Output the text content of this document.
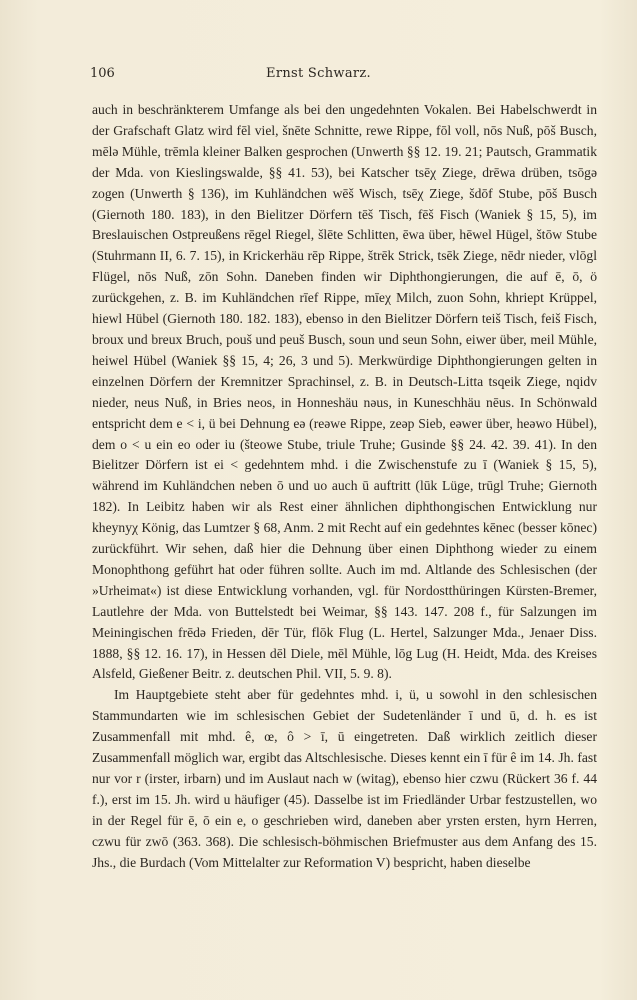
106	Ernst Schwarz.

auch in beschränkterem Umfange als bei den ungedehnten Vokalen. Bei Habelschwerdt in der Grafschaft Glatz wird fēl viel, šnēte Schnitte, rewe Rippe, fōl voll, nōs Nuß, pōš Busch, mēlə Mühle, trēmla kleiner Balken gesprochen (Unwerth §§ 12. 19. 21; Pautsch, Grammatik der Mda. von Kieslingswalde, §§ 41. 53), bei Katscher tsēχ Ziege, drēwa drüben, tsōgə zogen (Unwerth § 136), im Kuhländchen wēš Wisch, tsēχ Ziege, šdōf Stube, pōš Busch (Giernoth 180. 183), in den Bielitzer Dörfern tēš Tisch, fēš Fisch (Waniek § 15, 5), im Breslauischen Ostpreußens rēgel Riegel, šlēte Schlitten, ēwa über, hēwel Hügel, štōw Stube (Stuhrmann II, 6. 7. 15), in Krickerhäu rēp Rippe, štrēk Strick, tsēk Ziege, nēdr nieder, vlōgl Flügel, nōs Nuß, zōn Sohn. Daneben finden wir Diphthongierungen, die auf ē, ō, ö zurückgehen, z. B. im Kuhländchen rīef Rippe, mīeχ Milch, zuon Sohn, khriept Krüppel, hiewl Hübel (Giernoth 180. 182. 183), ebenso in den Bielitzer Dörfern teiš Tisch, feiš Fisch, broux und breux Bruch, pouš und peuš Busch, soun und seun Sohn, eiwer über, meil Mühle, heiwel Hübel (Waniek §§ 15, 4; 26, 3 und 5). Merkwürdige Diphthongierungen gelten in einzelnen Dörfern der Kremnitzer Sprachinsel, z. B. in Deutsch-Litta tsqeik Ziege, nqidv nieder, neus Nuß, in Bries neos, in Honneshäu nəus, in Kuneschhäu nēus. In Schönwald entspricht dem e < i, ü bei Dehnung eə (reəwe Rippe, zeəp Sieb, eəwer über, heəwo Hübel), dem o < u ein eo oder iu (šteowe Stube, triule Truhe; Gusinde §§ 24. 42. 39. 41). In den Bielitzer Dörfern ist ei < gedehntem mhd. i die Zwischenstufe zu ī (Waniek § 15, 5), während im Kuhländchen neben ō und uo auch ū auftritt (lūk Lüge, trūgl Truhe; Giernoth 182). In Leibitz haben wir als Rest einer ähnlichen diphthongischen Entwicklung nur kheynyχ König, das Lumtzer § 68, Anm. 2 mit Recht auf ein gedehntes kēnec (besser kōnec) zurückführt. Wir sehen, daß hier die Dehnung über einen Diphthong wieder zu einem Monophthong geführt hat oder führen sollte. Auch im md. Altlande des Schlesischen (der »Urheimat«) ist diese Entwicklung vorhanden, vgl. für Nordostthüringen Kürsten-Bremer, Lautlehre der Mda. von Buttelstedt bei Weimar, §§ 143. 147. 208 f., für Salzungen im Meiningischen frēdə Frieden, dēr Tür, flōk Flug (L. Hertel, Salzunger Mda., Jenaer Diss. 1888, §§ 12. 16. 17), in Hessen dēl Diele, mēl Mühle, lōg Lug (H. Heidt, Mda. des Kreises Alsfeld, Gießener Beitr. z. deutschen Phil. VII, 5. 9. 8).

Im Hauptgebiete steht aber für gedehntes mhd. i, ü, u sowohl in den schlesischen Stammundarten wie im schlesischen Gebiet der Sudetenländer ī und ū, d. h. es ist Zusammenfall mit mhd. ê, œ, ô > ī, ū eingetreten. Daß wirklich zeitlich dieser Zusammenfall möglich war, ergibt das Altschlesische. Dieses kennt ein ī für ê im 14. Jh. fast nur vor r (irster, irbarn) und im Auslaut nach w (witag), ebenso hier czwu (Rückert 36 f. 44 f.), erst im 15. Jh. wird u häufiger (45). Dasselbe ist im Friedländer Urbar festzustellen, wo in der Regel für ē, ō ein e, o geschrieben wird, daneben aber yrsten ersten, hyrn Herren, czwu für zwō (363. 368). Die schlesisch-böhmischen Briefmuster aus dem Anfang des 15. Jhs., die Burdach (Vom Mittelalter zur Reformation V) bespricht, haben dieselbe
